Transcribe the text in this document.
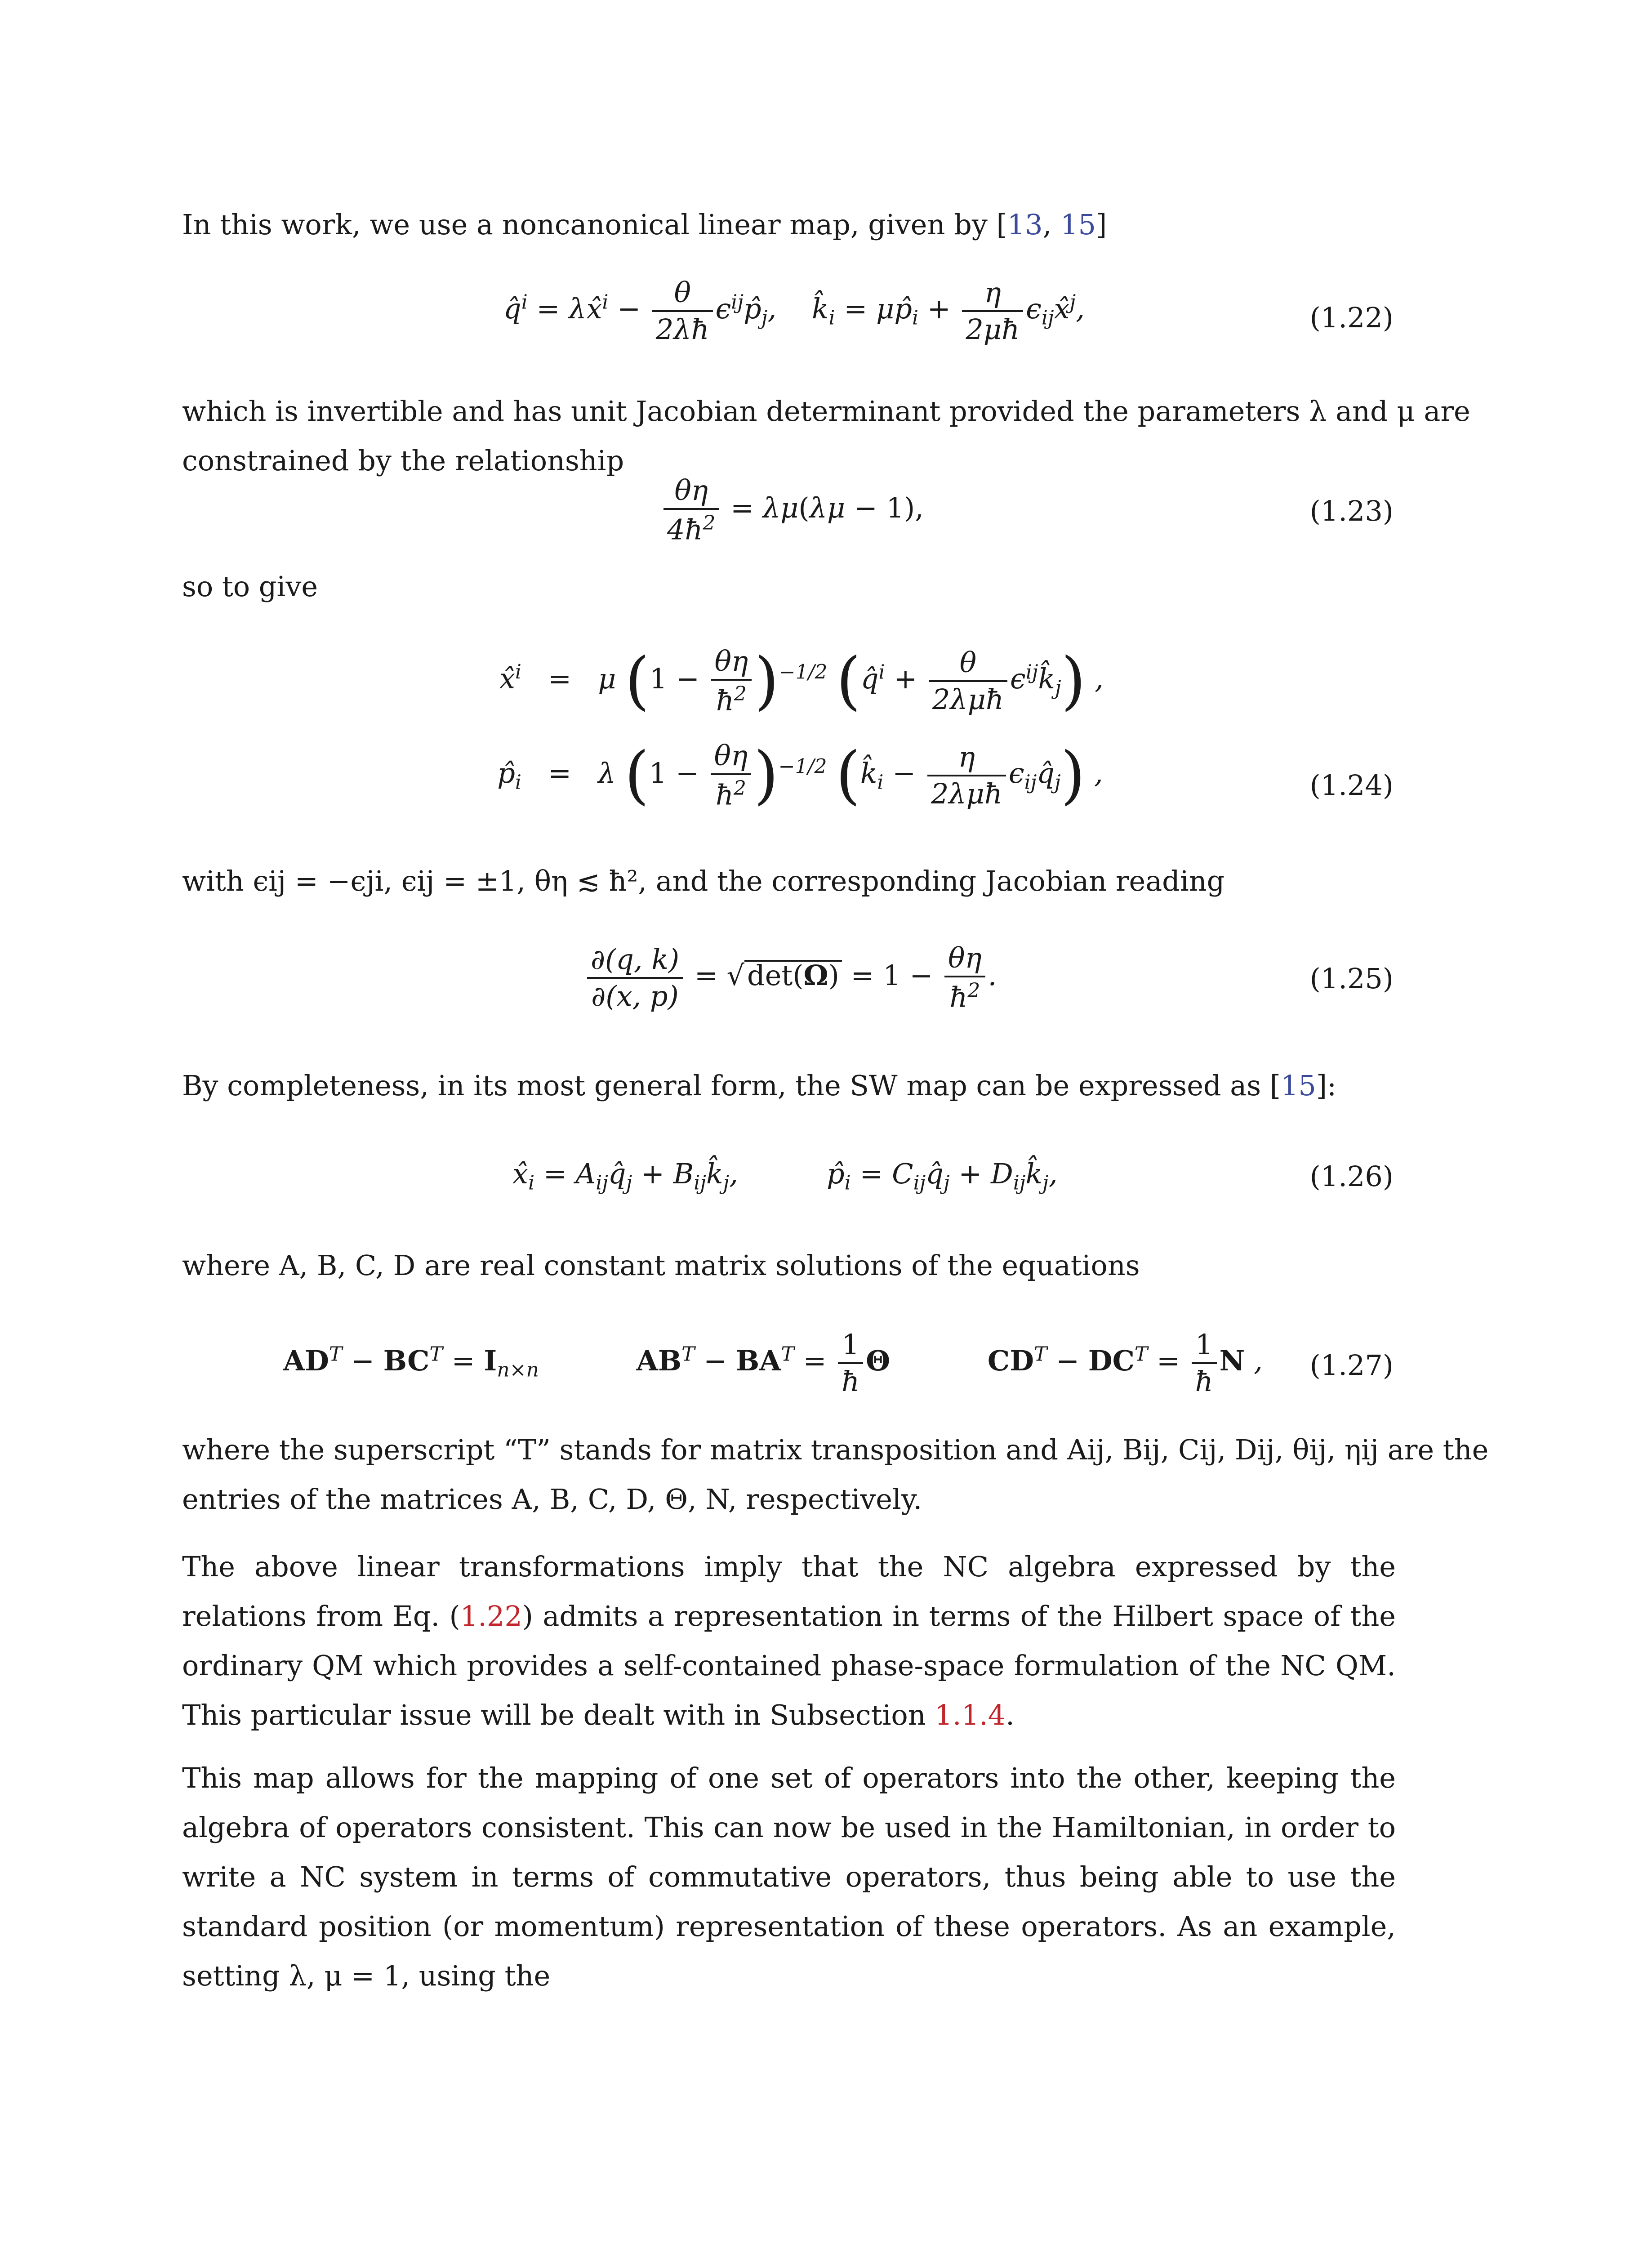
In this work, we use a noncanonical linear map, given by [13, 15]

q̂$^i$ = λx̂$^i$ − $\frac{\theta}{2\lambda ħ}$ $\epsilon^{ij}p̂_j$,    $k̂_i$ = $\mu p̂_i + \frac{\eta}{2\mu ħ}$ $\epsilon_{ij}x̂^j$,	(1.22)

which is invertible and has unit Jacobian determinant provided the parameters λ and μ are

constrained by the relationship

$\frac{\theta\eta}{4ħ^2} = \lambda\mu(\lambda\mu - 1)$,	(1.23)

so to give

x̂$^i$ =   μ $(1 - \frac{\theta\eta}{ħ^2} )^{-1/2}$ (q̂$^i$ + $\frac{\theta}{\text{2λμħ}}$ $\epsilon^{ij}k̂_j$) ,
$p̂_i = \lambda$ $(1 - \frac{\theta\eta}{ħ^2} )^{-1/2}$ ($k̂_i - \frac{\eta}{\text{2λμħ}}$ $\epsilon_{ij}q̂_j$) ,	(1.24)

with ϵij = −ϵji, ϵij = ±1, θη ≲ ħ², and the corresponding Jacobian reading

$\frac{\partial(q, k)}{\partial(x, p)} = √\det(\Omega) = 1 - \frac{\theta\eta}{ħ^2}$ .	(1.25)

By completeness, in its most general form, the SW map can be expressed as [15]:

$x̂_i$ = $A_{ij}q̂_j$ + $B_{ij}k̂_j$,          $p̂_i$ = $C_{ij}q̂_j$ + $D_{ij}k̂_j$,	(1.26)

where A, B, C, D are real constant matrix solutions of the equations

$AD^T - BC^T = I_{n\times n}$	$AB^T - BA^T = \frac{1}{ħ}$ Θ	$CD^T - DC^T = \frac{1}{ħ}$ N , (1.27)

where the superscript “T” stands for matrix transposition and Aij, Bij, Cij, Dij, θij, ηij are the

entries of the matrices A, B, C, D, Θ, N, respectively.

The above linear transformations imply that the NC algebra expressed by the relations from Eq. (1.22) admits a representation in terms of the Hilbert space of the ordinary QM which provides a self-contained phase-space formulation of the NC QM. This particular issue will be dealt with in Subsection 1.1.4.

This map allows for the mapping of one set of operators into the other, keeping the algebra of operators consistent. This can now be used in the Hamiltonian, in order to write a NC system in terms of commutative operators, thus being able to use the standard position (or momentum) representation of these operators. As an example, setting λ, μ = 1, using the
